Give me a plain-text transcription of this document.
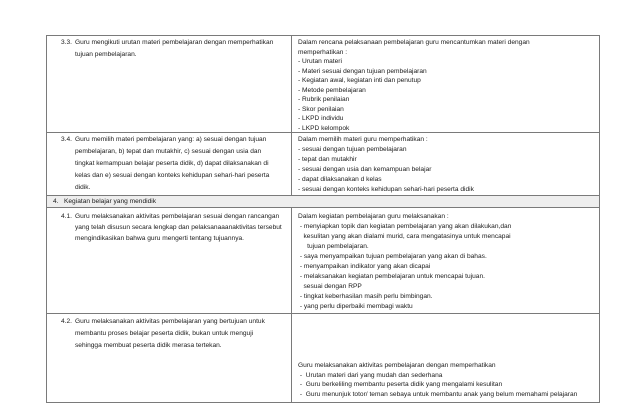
3.3. Guru mengikuti urutan materi pembelajaran dengan memperhatikan
tujuan pembelajaran.
Dalam rencana pelaksanaan pembelajaran guru mencantumkan materi dengan
memperhatikan :
- Urutan materi
- Materi sesuai dengan tujuan pembelajaran
- Kegiatan awal, kegiatan inti dan penutup
- Metode pembelajaran
- Rubrik penilaian
- Skor penilaian
- LKPD individu
- LKPD kelompok
3.4. Guru memilih materi pembelajaran yang: a) sesuai dengan tujuan
pembelajaran, b) tepat dan mutakhir, c) sesuai dengan usia dan
tingkat kemampuan belajar peserta didik, d) dapat dilaksanakan di
kelas dan e) sesuai dengan konteks kehidupan sehari-hari peserta
didik.
Dalam memilih materi guru memperhatikan :
- sesuai dengan tujuan pembelajaran
- tepat dan mutakhir
- sesuai dengan usia dan kemampuan belajar
- dapat dilaksanakan d kelas
- sesuai dengan konteks kehidupan sehari-hari peserta didik
4.   Kegiatan belajar yang mendidik
4.1. Guru melaksanakan aktivitas pembelajaran sesuai dengan rancangan
yang telah disusun secara lengkap dan pelaksanaaanaktivitas tersebut
mengindikasikan bahwa guru mengerti tentang tujuannya.
Dalam kegiatan pembelajaran guru melaksanakan :
- menyiapkan topik dan kegiatan pembelajaran yang akan dilakukan,dan
kesulitan yang akan dialami murid, cara mengatasinya untuk mencapai
tujuan pembelajaran.
- saya menyampaikan tujuan pembelajaran yang akan di bahas.
- menyampaikan indikator yang akan dicapai
- melaksanakan kegiatan pembelajaran untuk mencapai tujuan.
sesuai dengan RPP
- tingkat keberhasilan masih perlu bimbingan.
- yang perlu diperbaiki membagi waktu
4.2. Guru melaksanakan aktivitas pembelajaran yang bertujuan untuk
membantu proses belajar peserta didik, bukan untuk menguji
sehingga membuat peserta didik merasa tertekan.
Guru melaksanakan aktivitas pembelajaran dengan memperhatikan
-  Urutan materi dari yang mudah dan sederhana
-  Guru berkeliling membantu peserta didik yang mengalami kesulitan
-  Guru menunjuk totor/ teman sebaya untuk membantu anak yang belum memahami pelajaran
